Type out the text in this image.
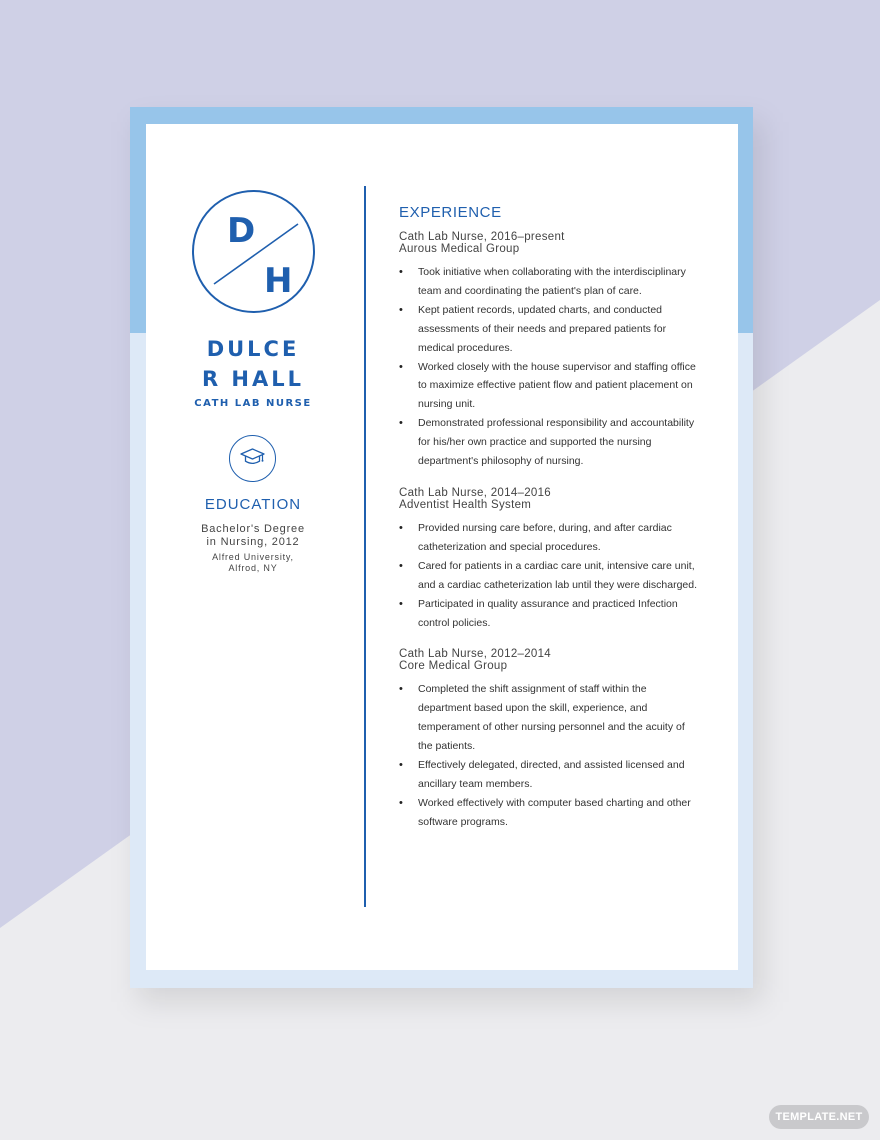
D
H
DULCE
R HALL
CATH LAB NURSE
EDUCATION
Bachelor's Degree
in Nursing, 2012
Alfred University,
Alfrod, NY
EXPERIENCE
Cath Lab Nurse, 2016–present
Aurous Medical Group
• Took initiative when collaborating with the interdisciplinary team and coordinating the patient's plan of care.
• Kept patient records, updated charts, and conducted assessments of their needs and prepared patients for medical procedures.
• Worked closely with the house supervisor and staffing office to maximize effective patient flow and patient placement on nursing unit.
• Demonstrated professional responsibility and accountability for his/her own practice and supported the nursing department's philosophy of nursing.
Cath Lab Nurse, 2014–2016
Adventist Health System
• Provided nursing care before, during, and after cardiac catheterization and special procedures.
• Cared for patients in a cardiac care unit, intensive care unit, and a cardiac catheterization lab until they were discharged.
• Participated in quality assurance and practiced Infection control policies.
Cath Lab Nurse, 2012–2014
Core Medical Group
• Completed the shift assignment of staff within the department based upon the skill, experience, and temperament of other nursing personnel and the acuity of the patients.
• Effectively delegated, directed, and assisted licensed and ancillary team members.
• Worked effectively with computer based charting and other software programs.
TEMPLATE.NET
